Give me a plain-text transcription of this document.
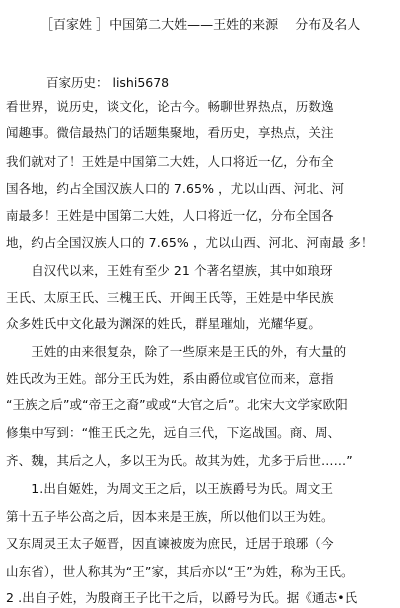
［百家姓 ］中国第二大姓——王姓的来源　 分布及名人
百家历史： lishi5678
看世界，说历史，谈文化，论古今。畅聊世界热点，历数逸
闻趣事。微信最热门的话题集聚地，看历史，享热点，关注
我们就对了！王姓是中国第二大姓，人口将近一亿，分布全
国各地，约占全国汉族人口的 7.65% ，尤以山西、河北、河
南最多！王姓是中国第二大姓，人口将近一亿，分布全国各
地，约占全国汉族人口的 7.65% ，尤以山西、河北、河南最 多！
　　自汉代以来，王姓有至少 21 个著名望族，其中如琅玡
王氏、太原王氏、三槐王氏、开闽王氏等，王姓是中华民族
众多姓氏中文化最为渊深的姓氏，群星璀灿，光耀华夏。
　　王姓的由来很复杂，除了一些原来是王氏的外，有大量的
姓氏改为王姓。部分王氏为姓，系由爵位或官位而来，意指
“王族之后”或“帝王之裔”或或“大官之后”。北宋大文学家欧阳
修集中写到：“惟王氏之先，远自三代，下迄战国。商、周、
齐、魏，其后之人，多以王为氏。故其为姓，尤多于后世……”
　　1.出自姬姓，为周文王之后，以王族爵号为氏。周文王
第十五子毕公高之后，因本来是王族，所以他们以王为姓。
又东周灵王太子姬晋，因直谏被废为庶民，迁居于琅琊（今
山东省），世人称其为“王”家，其后亦以“王”为姓，称为王氏。
2 .出自子姓，为殷商王子比干之后，以爵号为氏。据《通志•氏
